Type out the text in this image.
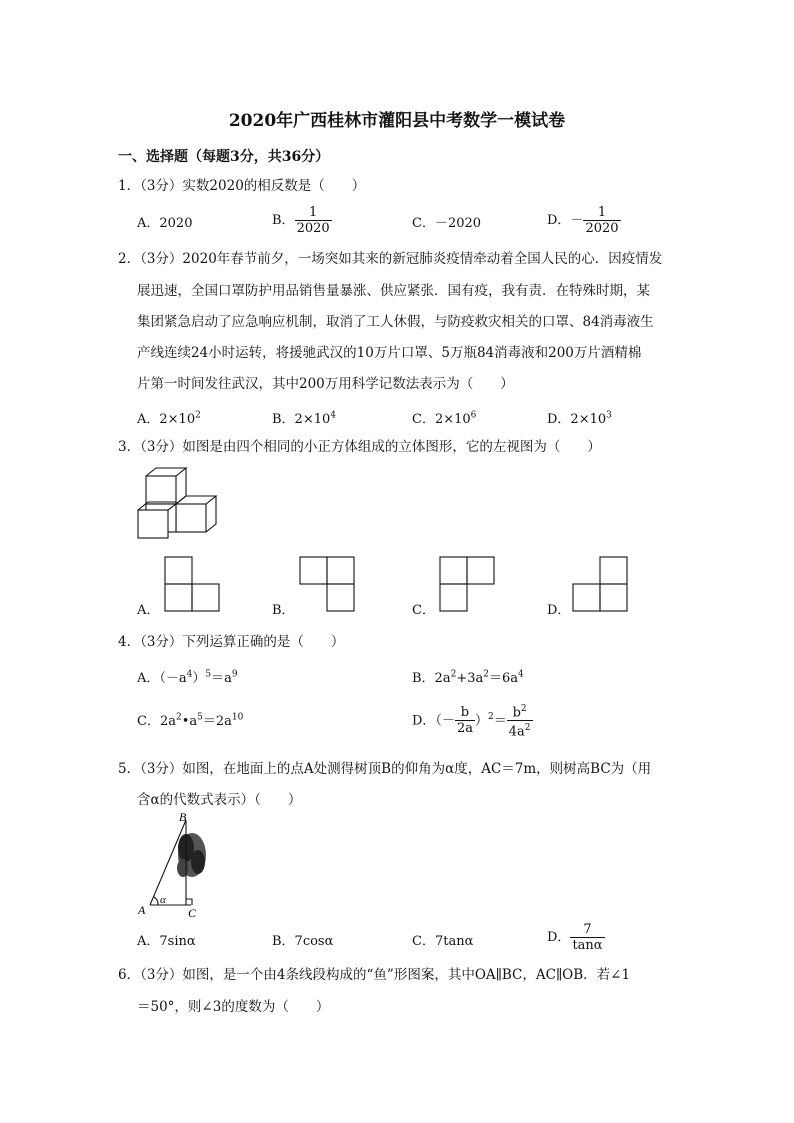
2020年广西桂林市灌阳县中考数学一模试卷
一、选择题（每题3分，共36分）
1．（3分）实数2020的相反数是（　　）
A．2020	B． $\frac{1}{2020}$	C．－2020	D．－ $\frac{1}{2020}$
2．（3分）2020年春节前夕，一场突如其来的新冠肺炎疫情牵动着全国人民的心．因疫情发
展迅速，全国口罩防护用品销售量暴涨、供应紧张．国有疫，我有责．在特殊时期，某
集团紧急启动了应急响应机制，取消了工人休假，与防疫救灾相关的口罩、84消毒液生
产线连续24小时运转，将援驰武汉的10万片口罩、5万瓶84消毒液和200万片酒精棉
片第一时间发往武汉，其中200万用科学记数法表示为（　　）
A．$2\times 10^2$	B．$2\times 10^4$	C．$2\times 10^6$	D．$2\times 10^3$
3．（3分）如图是由四个相同的小正方体组成的立体图形，它的左视图为（　　）
A．	B．	C．	D．
4．（3分）下列运算正确的是（　　）
A．$(-a^4)^5=a^9$	B．$2a^2+3a^2=6a^4$
C．$2a^2•a^5=2a^{10}$	D．（－ $\frac{b}{2a} )^2= \frac{b^2}{4a^2}$
5．（3分）如图，在地面上的点A处测得树顶B的仰角为α度，AC＝7m，则树高BC为（用
含α的代数式表示）（　　）
B
A	C
α
A．7sinα	B．7cosα	C．7tanα	D． $\frac{7}{\tan\alpha}$
6．（3分）如图，是一个由4条线段构成的“鱼”形图案，其中OA∥BC，AC∥OB．若∠1
＝50°，则∠3的度数为（　　）
